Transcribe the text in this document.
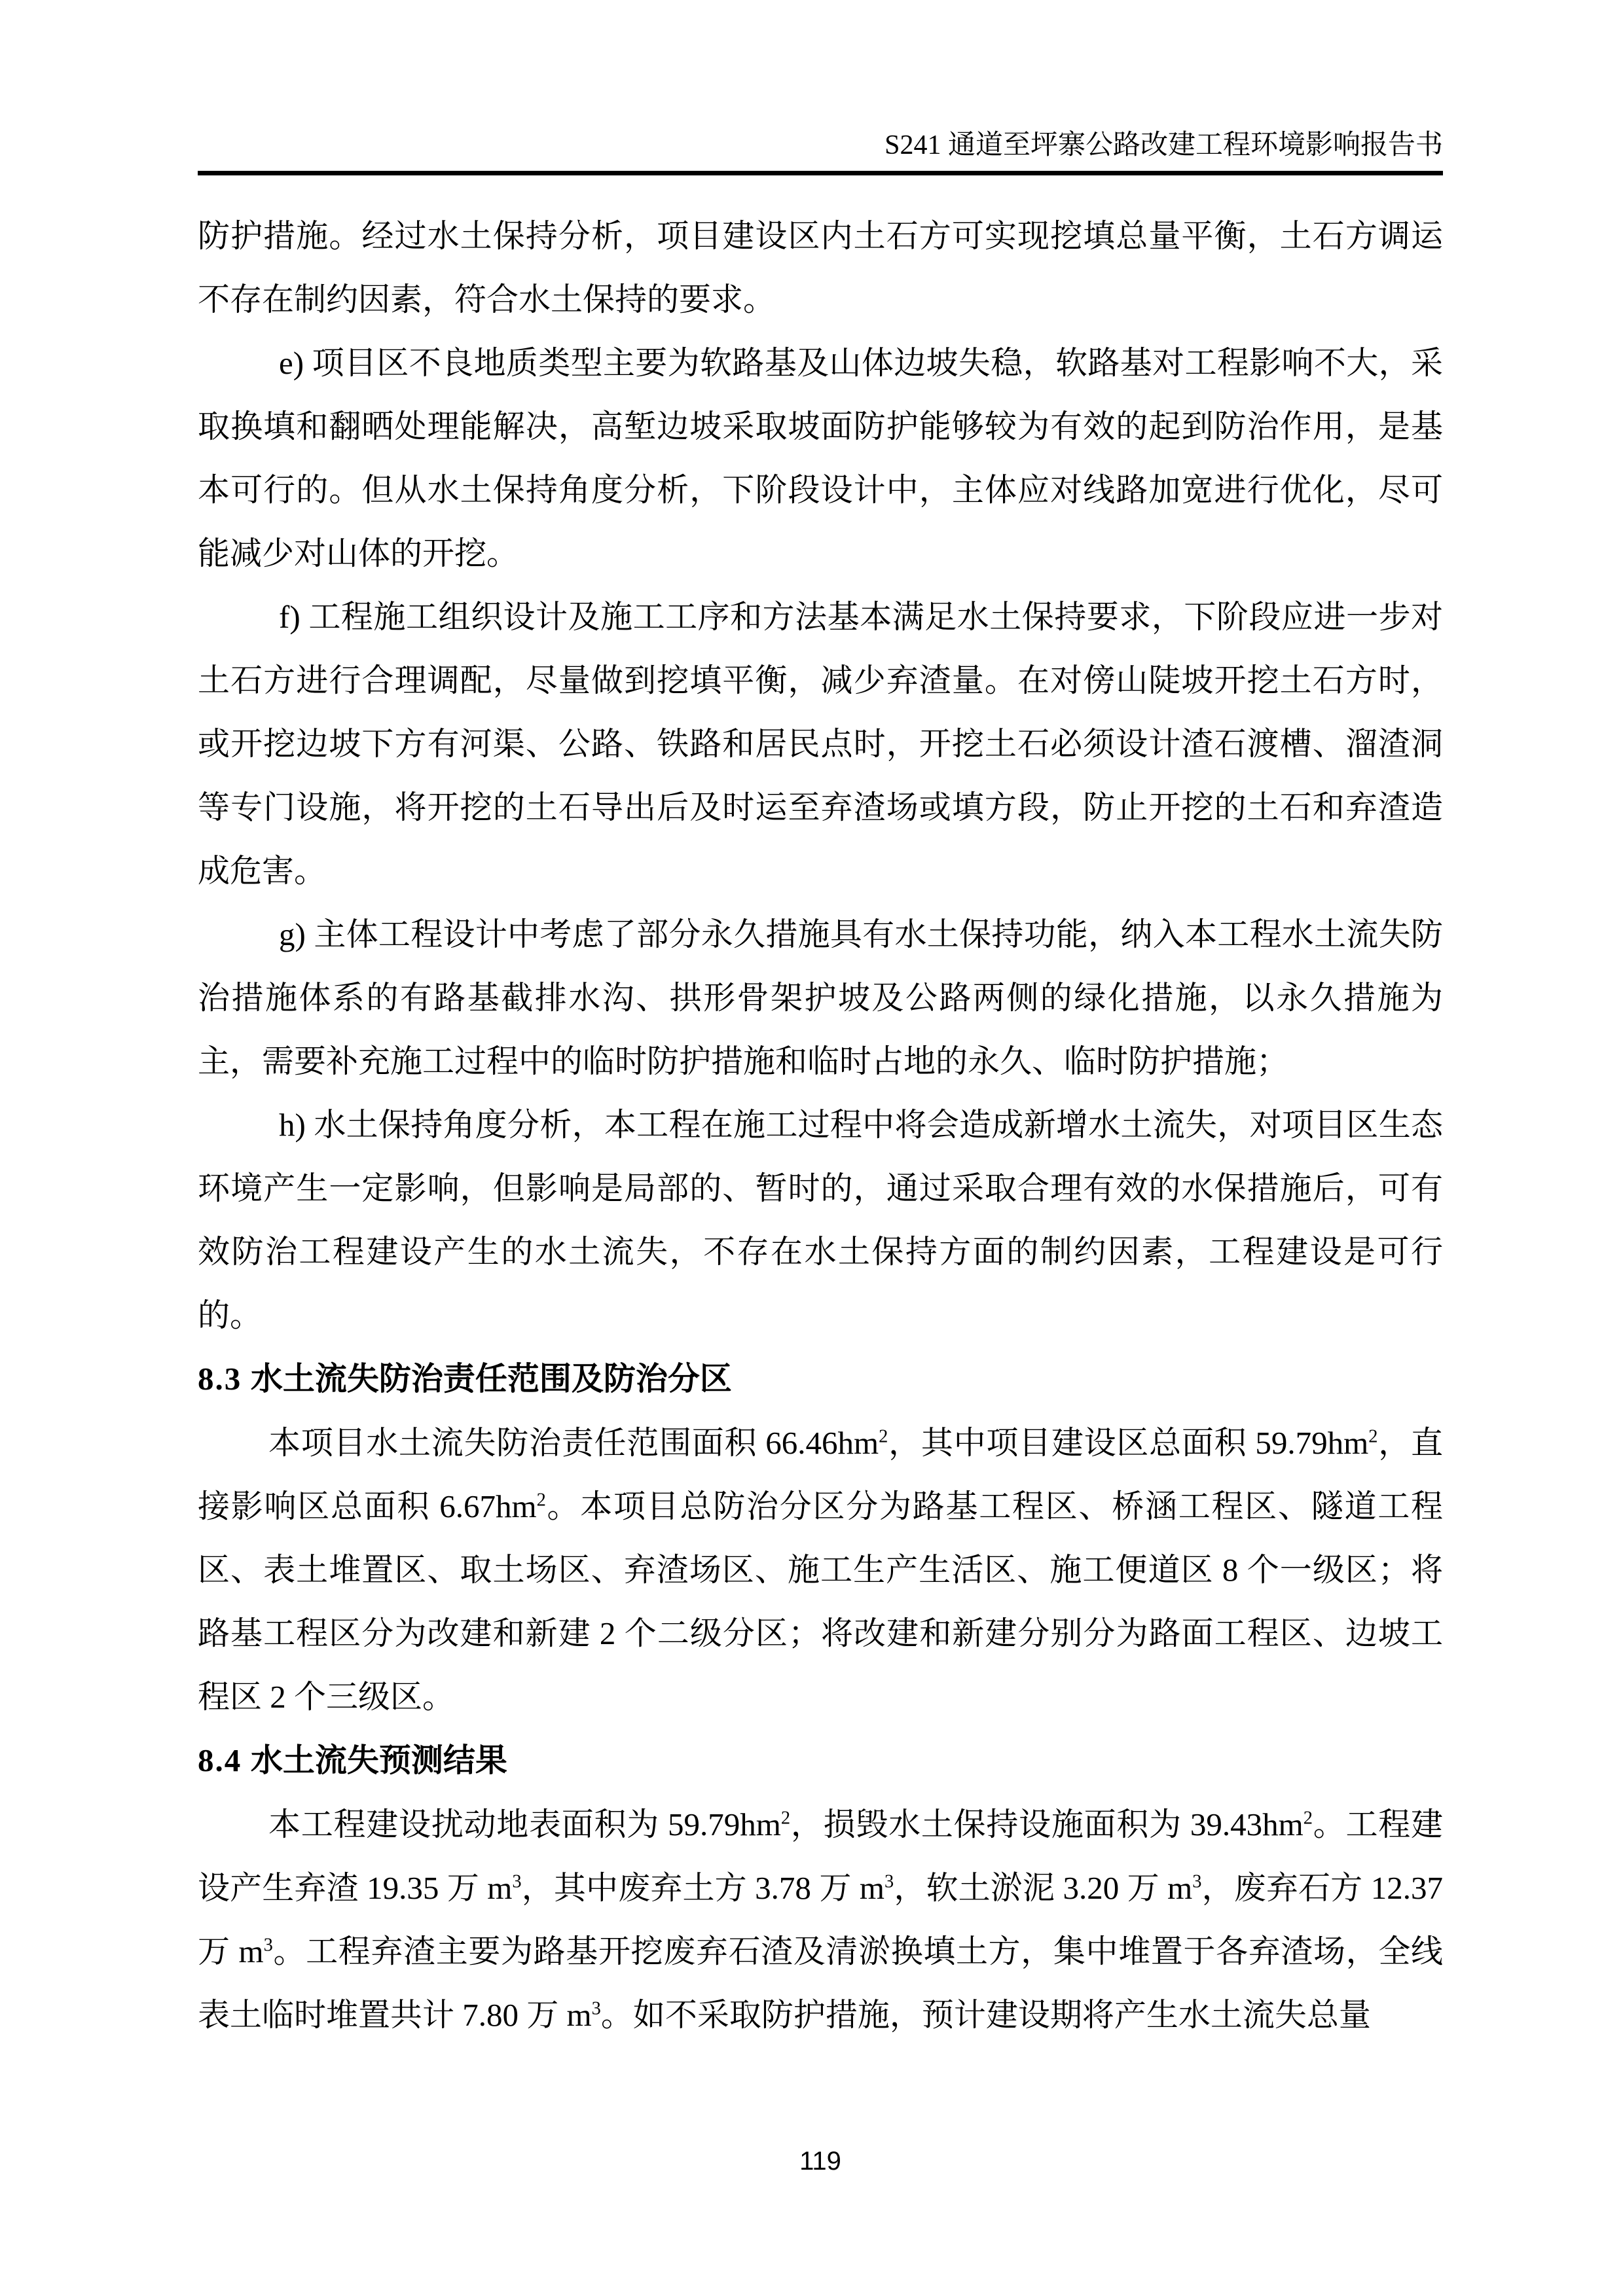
S241 通道至坪寨公路改建工程环境影响报告书

防护措施。经过水土保持分析，项目建设区内土石方可实现挖填总量平衡，土石方调运不存在制约因素，符合水土保持的要求。

e) 项目区不良地质类型主要为软路基及山体边坡失稳，软路基对工程影响不大，采取换填和翻晒处理能解决，高堑边坡采取坡面防护能够较为有效的起到防治作用，是基本可行的。但从水土保持角度分析，下阶段设计中，主体应对线路加宽进行优化，尽可能减少对山体的开挖。

f) 工程施工组织设计及施工工序和方法基本满足水土保持要求，下阶段应进一步对土石方进行合理调配，尽量做到挖填平衡，减少弃渣量。在对傍山陡坡开挖土石方时，或开挖边坡下方有河渠、公路、铁路和居民点时，开挖土石必须设计渣石渡槽、溜渣洞等专门设施，将开挖的土石导出后及时运至弃渣场或填方段，防止开挖的土石和弃渣造成危害。

g) 主体工程设计中考虑了部分永久措施具有水土保持功能，纳入本工程水土流失防治措施体系的有路基截排水沟、拱形骨架护坡及公路两侧的绿化措施，以永久措施为主，需要补充施工过程中的临时防护措施和临时占地的永久、临时防护措施；

h) 水土保持角度分析，本工程在施工过程中将会造成新增水土流失，对项目区生态环境产生一定影响，但影响是局部的、暂时的，通过采取合理有效的水保措施后，可有效防治工程建设产生的水土流失，不存在水土保持方面的制约因素，工程建设是可行的。

8.3 水土流失防治责任范围及防治分区

本项目水土流失防治责任范围面积 $66.46hm^2$，其中项目建设区总面积 $59.79hm^2$，直接影响区总面积 $6.67hm^2$。本项目总防治分区分为路基工程区、桥涵工程区、隧道工程区、表土堆置区、取土场区、弃渣场区、施工生产生活区、施工便道区 8 个一级区；将路基工程区分为改建和新建 2 个二级分区；将改建和新建分别分为路面工程区、边坡工程区 2 个三级区。

8.4 水土流失预测结果

本工程建设扰动地表面积为 $59.79hm^2$，损毁水土保持设施面积为 $39.43hm^2$。工程建设产生弃渣 19.35 万 $m^3$，其中废弃土方 3.78 万 $m^3$，软土淤泥 3.20 万 $m^3$，废弃石方 12.37 万 $m^3$。工程弃渣主要为路基开挖废弃石渣及清淤换填土方，集中堆置于各弃渣场，全线表土临时堆置共计 7.80 万 $m^3$。如不采取防护措施，预计建设期将产生水土流失总量

119
